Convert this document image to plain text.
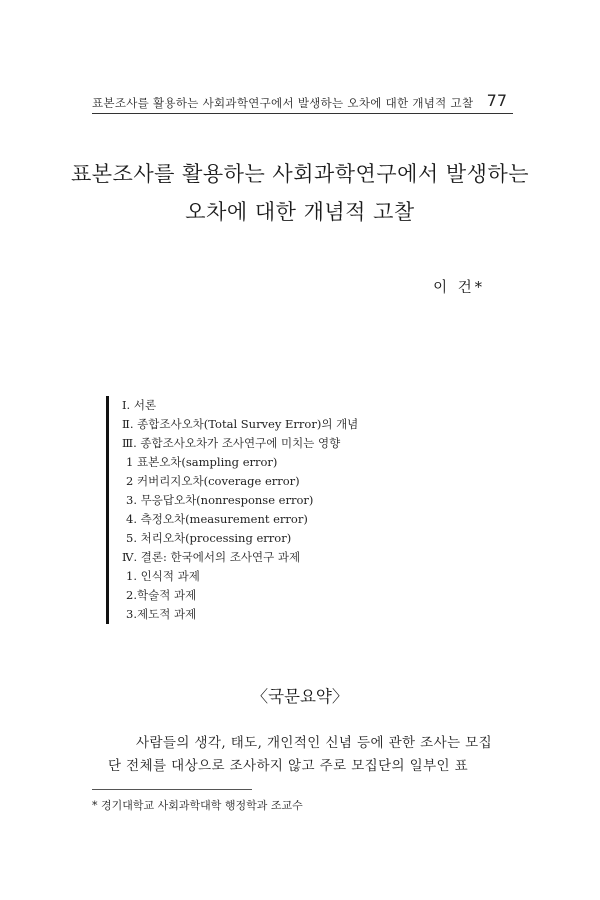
표본조사를 활용하는 사회과학연구에서 발생하는 오차에 대한 개념적 고찰 77
표본조사를 활용하는 사회과학연구에서 발생하는
오차에 대한 개념적 고찰
이 건*
Ⅰ. 서론
Ⅱ. 종합조사오차(Total Survey Error)의 개념
Ⅲ. 종합조사오차가 조사연구에 미치는 영향
1 표본오차(sampling error)
2 커버리지오차(coverage error)
3. 무응답오차(nonresponse error)
4. 측정오차(measurement error)
5. 처리오차(processing error)
Ⅳ. 결론: 한국에서의 조사연구 과제
1. 인식적 과제
2.학술적 과제
3.제도적 과제
〈국문요약〉
사람들의 생각, 태도, 개인적인 신념 등에 관한 조사는 모집
단 전체를 대상으로 조사하지 않고 주로 모집단의 일부인 표
* 경기대학교 사회과학대학 행정학과 조교수
